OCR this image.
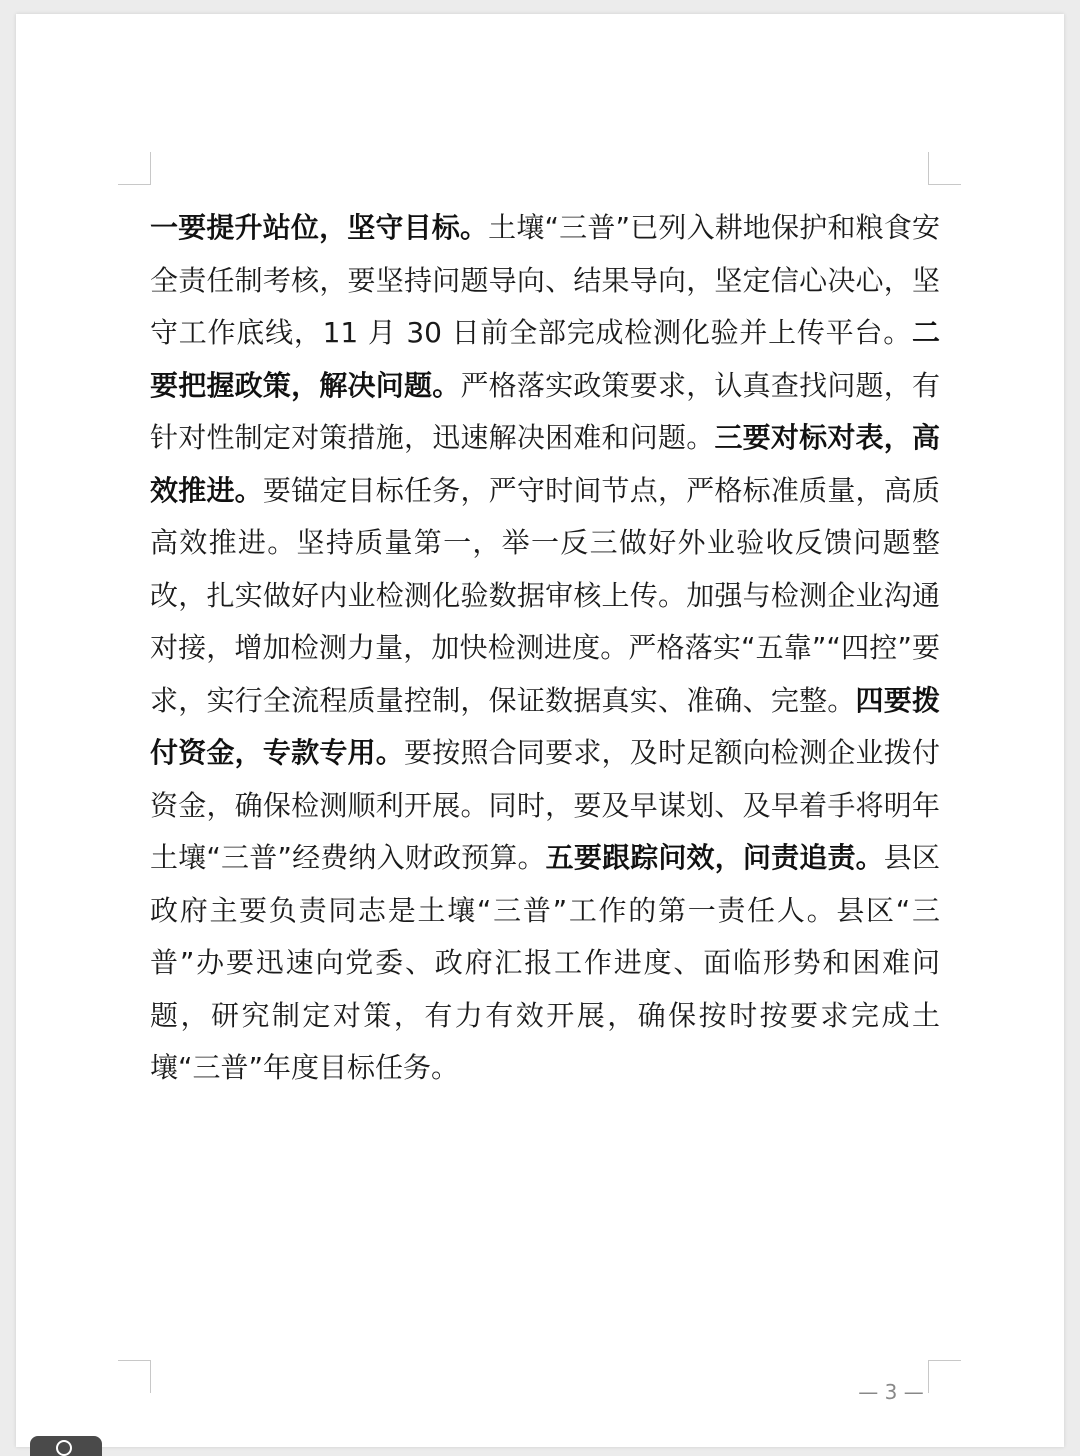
一要提升站位，坚守目标。土壤“三普”已列入耕地保护和粮食安全责任制考核，要坚持问题导向、结果导向，坚定信心决心，坚守工作底线，11 月 30 日前全部完成检测化验并上传平台。二要把握政策，解决问题。严格落实政策要求，认真查找问题，有针对性制定对策措施，迅速解决困难和问题。三要对标对表，高效推进。要锚定目标任务，严守时间节点，严格标准质量，高质高效推进。坚持质量第一，举一反三做好外业验收反馈问题整改，扎实做好内业检测化验数据审核上传。加强与检测企业沟通对接，增加检测力量，加快检测进度。严格落实“五靠”“四控”要求，实行全流程质量控制，保证数据真实、准确、完整。四要拨付资金，专款专用。要按照合同要求，及时足额向检测企业拨付资金，确保检测顺利开展。同时，要及早谋划、及早着手将明年土壤“三普”经费纳入财政预算。五要跟踪问效，问责追责。县区政府主要负责同志是土壤“三普”工作的第一责任人。县区“三普”办要迅速向党委、政府汇报工作进度、面临形势和困难问题，研究制定对策，有力有效开展，确保按时按要求完成土壤“三普”年度目标任务。

— 3 —
